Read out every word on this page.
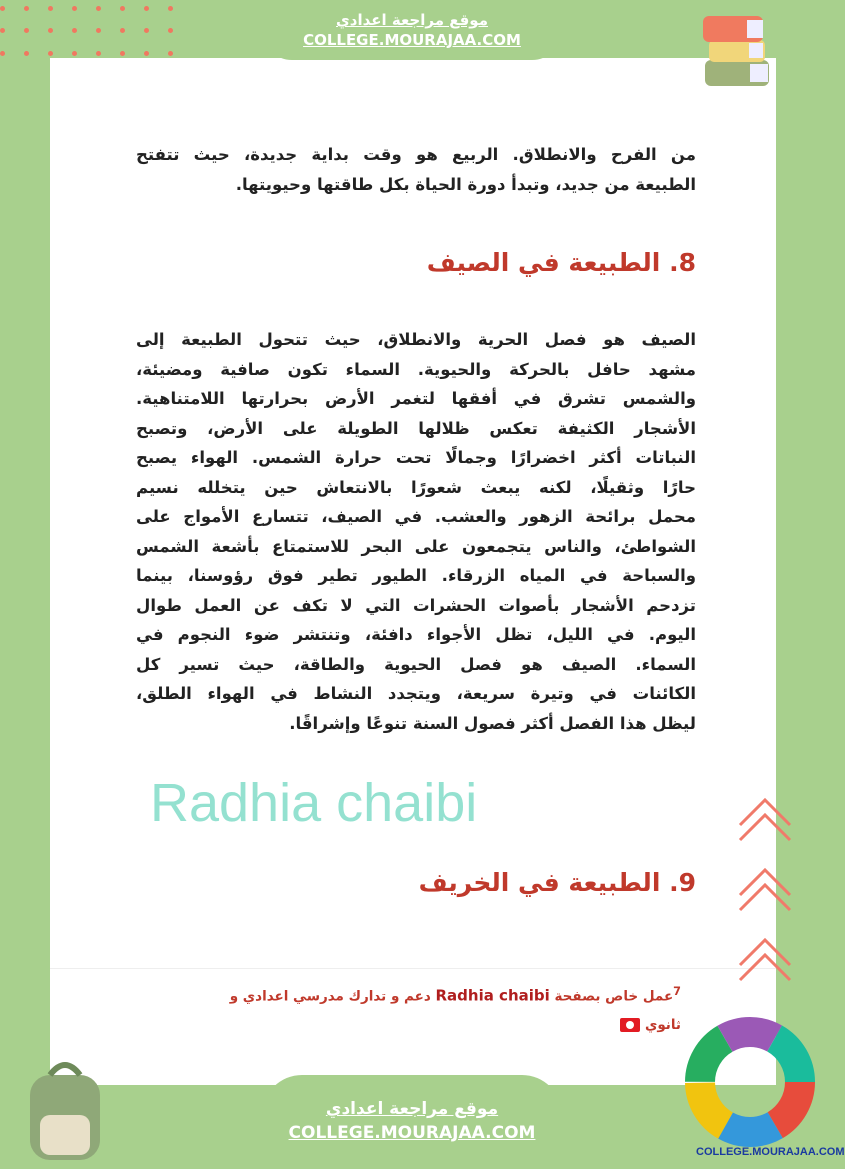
موقع مراجعة اعدادي
COLLEGE.MOURAJAA.COM
من الفرح والانطلاق. الربيع هو وقت بداية جديدة، حيث تتفتح
الطبيعة من جديد، وتبدأ دورة الحياة بكل طاقتها وحيويتها.
8. الطبيعة في الصيف
الصيف هو فصل الحرية والانطلاق، حيث تتحول الطبيعة إلى
مشهد حافل بالحركة والحيوية. السماء تكون صافية ومضيئة،
والشمس تشرق في أفقها لتغمر الأرض بحرارتها اللامتناهية.
الأشجار الكثيفة تعكس ظلالها الطويلة على الأرض، وتصبح
النباتات أكثر اخضرارًا وجمالًا تحت حرارة الشمس. الهواء يصبح
حارًا وثقيلًا، لكنه يبعث شعورًا بالانتعاش حين يتخلله نسيم
محمل برائحة الزهور والعشب. في الصيف، تتسارع الأمواج على
الشواطئ، والناس يتجمعون على البحر للاستمتاع بأشعة الشمس
والسباحة في المياه الزرقاء. الطيور تطير فوق رؤوسنا، بينما
تزدحم الأشجار بأصوات الحشرات التي لا تكف عن العمل طوال
اليوم. في الليل، تظل الأجواء دافئة، وتنتشر ضوء النجوم في
السماء. الصيف هو فصل الحيوية والطاقة، حيث تسير كل
الكائنات في وتيرة سريعة، ويتجدد النشاط في الهواء الطلق،
ليظل هذا الفصل أكثر فصول السنة تنوعًا وإشراقًا.
Radhia chaibi
9. الطبيعة في الخريف
$^7$عمل خاص بصفحة Radhia chaibi دعم و تدارك مدرسي اعدادي و
ثانوي
موقع مراجعة اعدادي
COLLEGE.MOURAJAA.COM
COLLEGE.MOURAJAA.COM
